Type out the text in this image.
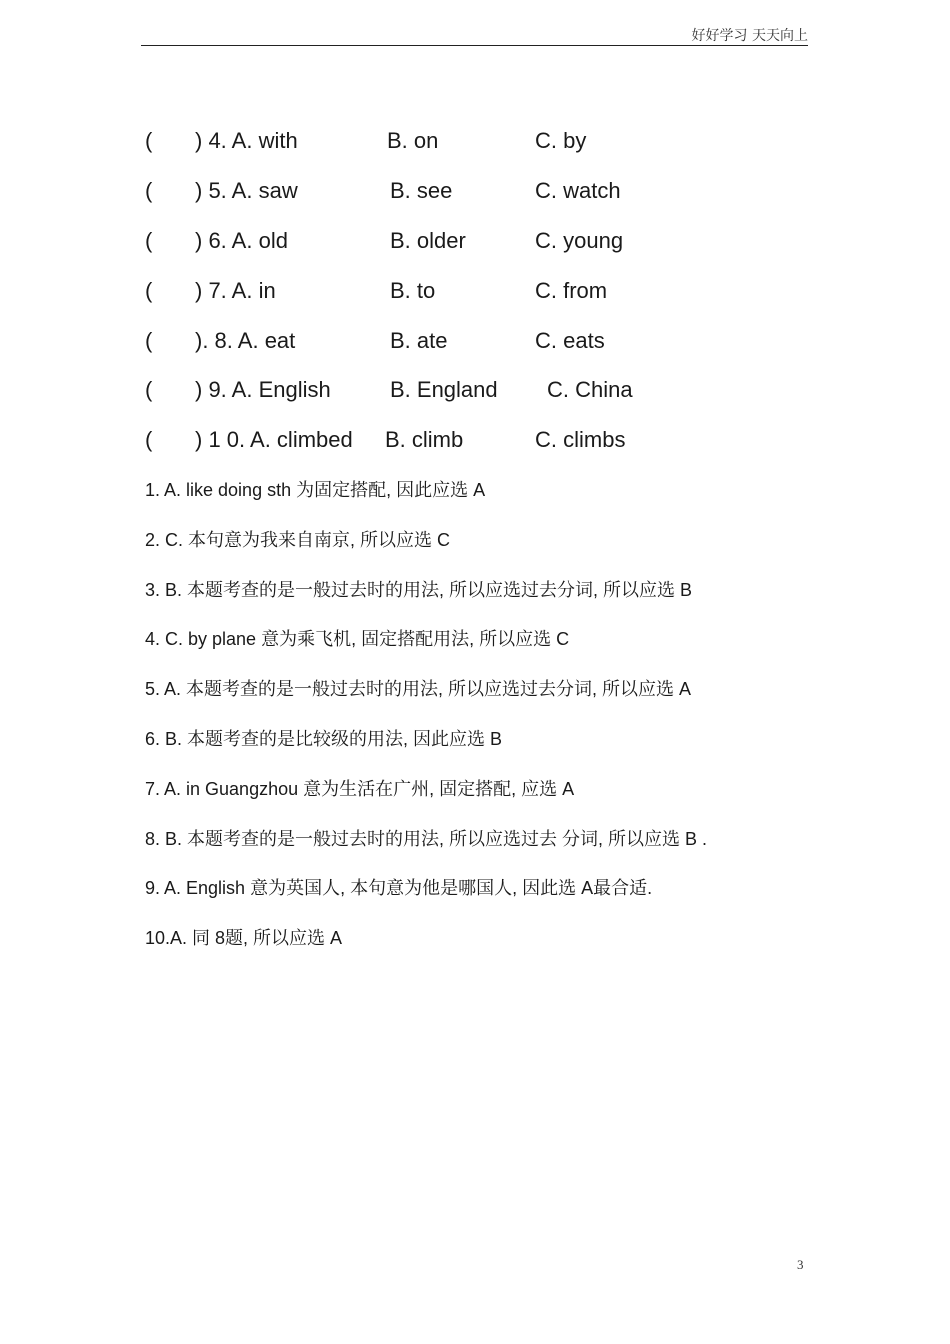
好好学习 天天向上
( ) 4. A. with	B. on	C. by
( ) 5. A. saw	B. see	C. watch
( ) 6. A. old	B. older	C. young
( ) 7. A. in	B. to	C. from
( ). 8. A. eat	B. ate	C. eats
( ) 9. A. English	B. England C. China
( ) 1 0. A. climbed B. climb	C. climbs
1. A. like doing sth 为固定搭配, 因此应选 A
2. C. 本句意为我来自南京, 所以应选 C
3. B. 本题考查的是一般过去时的用法, 所以应选过去分词, 所以应选 B
4. C. by plane 意为乘飞机, 固定搭配用法, 所以应选 C
5. A. 本题考查的是一般过去时的用法, 所以应选过去分词, 所以应选 A
6. B. 本题考查的是比较级的用法, 因此应选 B
7. A. in Guangzhou 意为生活在广州, 固定搭配, 应选 A
8. B. 本题考查的是一般过去时的用法, 所以应选过去 分词, 所以应选 B .
9. A. English 意为英国人, 本句意为他是哪国人, 因此选 A最合适.
10.A. 同 8题, 所以应选 A
3
